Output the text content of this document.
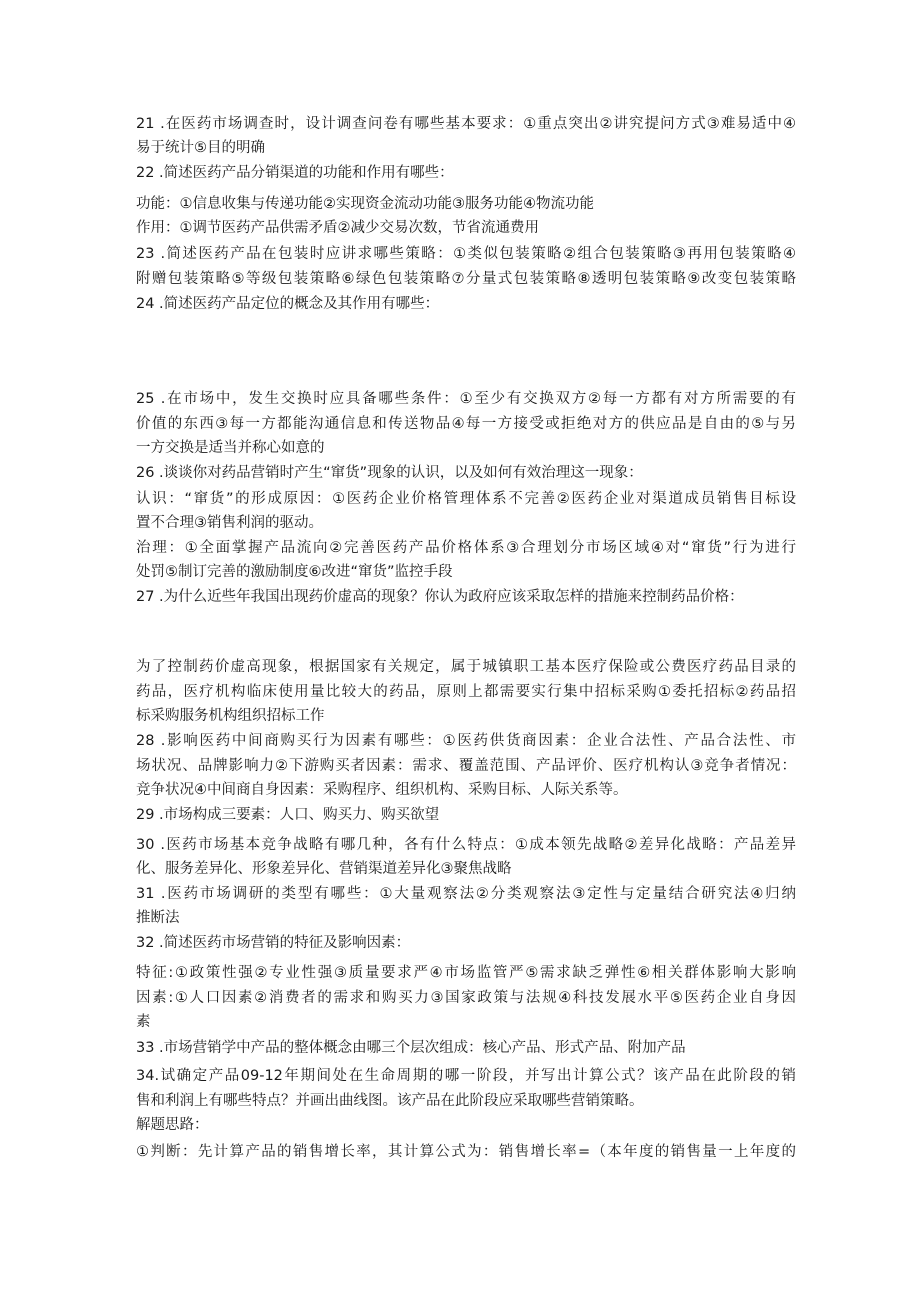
21 .在医药市场调查时，设计调查问卷有哪些基本要求：①重点突出②讲究提问方式③难易适中④
易于统计⑤目的明确
22 .简述医药产品分销渠道的功能和作用有哪些：
功能：①信息收集与传递功能②实现资金流动功能③服务功能④物流功能
作用：①调节医药产品供需矛盾②减少交易次数，节省流通费用
23 .简述医药产品在包装时应讲求哪些策略：①类似包装策略②组合包装策略③再用包装策略④
附赠包装策略⑤等级包装策略⑥绿色包装策略⑦分量式包装策略⑧透明包装策略⑨改变包装策略
24 .简述医药产品定位的概念及其作用有哪些：
25 .在市场中，发生交换时应具备哪些条件：①至少有交换双方②每一方都有对方所需要的有
价值的东西③每一方都能沟通信息和传送物品④每一方接受或拒绝对方的供应品是自由的⑤与另
一方交换是适当并称心如意的
26 .谈谈你对药品营销时产生“窜货”现象的认识，以及如何有效治理这一现象：
认识：“窜货”的形成原因：①医药企业价格管理体系不完善②医药企业对渠道成员销售目标设
置不合理③销售利润的驱动。
治理：①全面掌握产品流向②完善医药产品价格体系③合理划分市场区域④对“窜货”行为进行
处罚⑤制订完善的激励制度⑥改进“窜货”监控手段
27 .为什么近些年我国出现药价虚高的现象？你认为政府应该采取怎样的措施来控制药品价格：
为了控制药价虚高现象，根据国家有关规定，属于城镇职工基本医疗保险或公费医疗药品目录的
药品，医疗机构临床使用量比较大的药品，原则上都需要实行集中招标采购①委托招标②药品招
标采购服务机构组织招标工作
28 .影响医药中间商购买行为因素有哪些：①医药供货商因素：企业合法性、产品合法性、市
场状况、品牌影响力②下游购买者因素：需求、覆盖范围、产品评价、医疗机构认③竞争者情况：
竞争状况④中间商自身因素：采购程序、组织机构、采购目标、人际关系等。
29 .市场构成三要素：人口、购买力、购买欲望
30 .医药市场基本竞争战略有哪几种，各有什么特点：①成本领先战略②差异化战略：产品差异
化、服务差异化、形象差异化、营销渠道差异化③聚焦战略
31 .医药市场调研的类型有哪些：①大量观察法②分类观察法③定性与定量结合研究法④归纳
推断法
32 .简述医药市场营销的特征及影响因素：
特征:①政策性强②专业性强③质量要求严④市场监管严⑤需求缺乏弹性⑥相关群体影响大影响
因素:①人口因素②消费者的需求和购买力③国家政策与法规④科技发展水平⑤医药企业自身因
素
33 .市场营销学中产品的整体概念由哪三个层次组成：核心产品、形式产品、附加产品
34.试确定产品09-12年期间处在生命周期的哪一阶段，并写出计算公式？该产品在此阶段的销
售和利润上有哪些特点？并画出曲线图。该产品在此阶段应采取哪些营销策略。
解题思路：
①判断：先计算产品的销售增长率，其计算公式为：销售增长率=（本年度的销售量一上年度的
